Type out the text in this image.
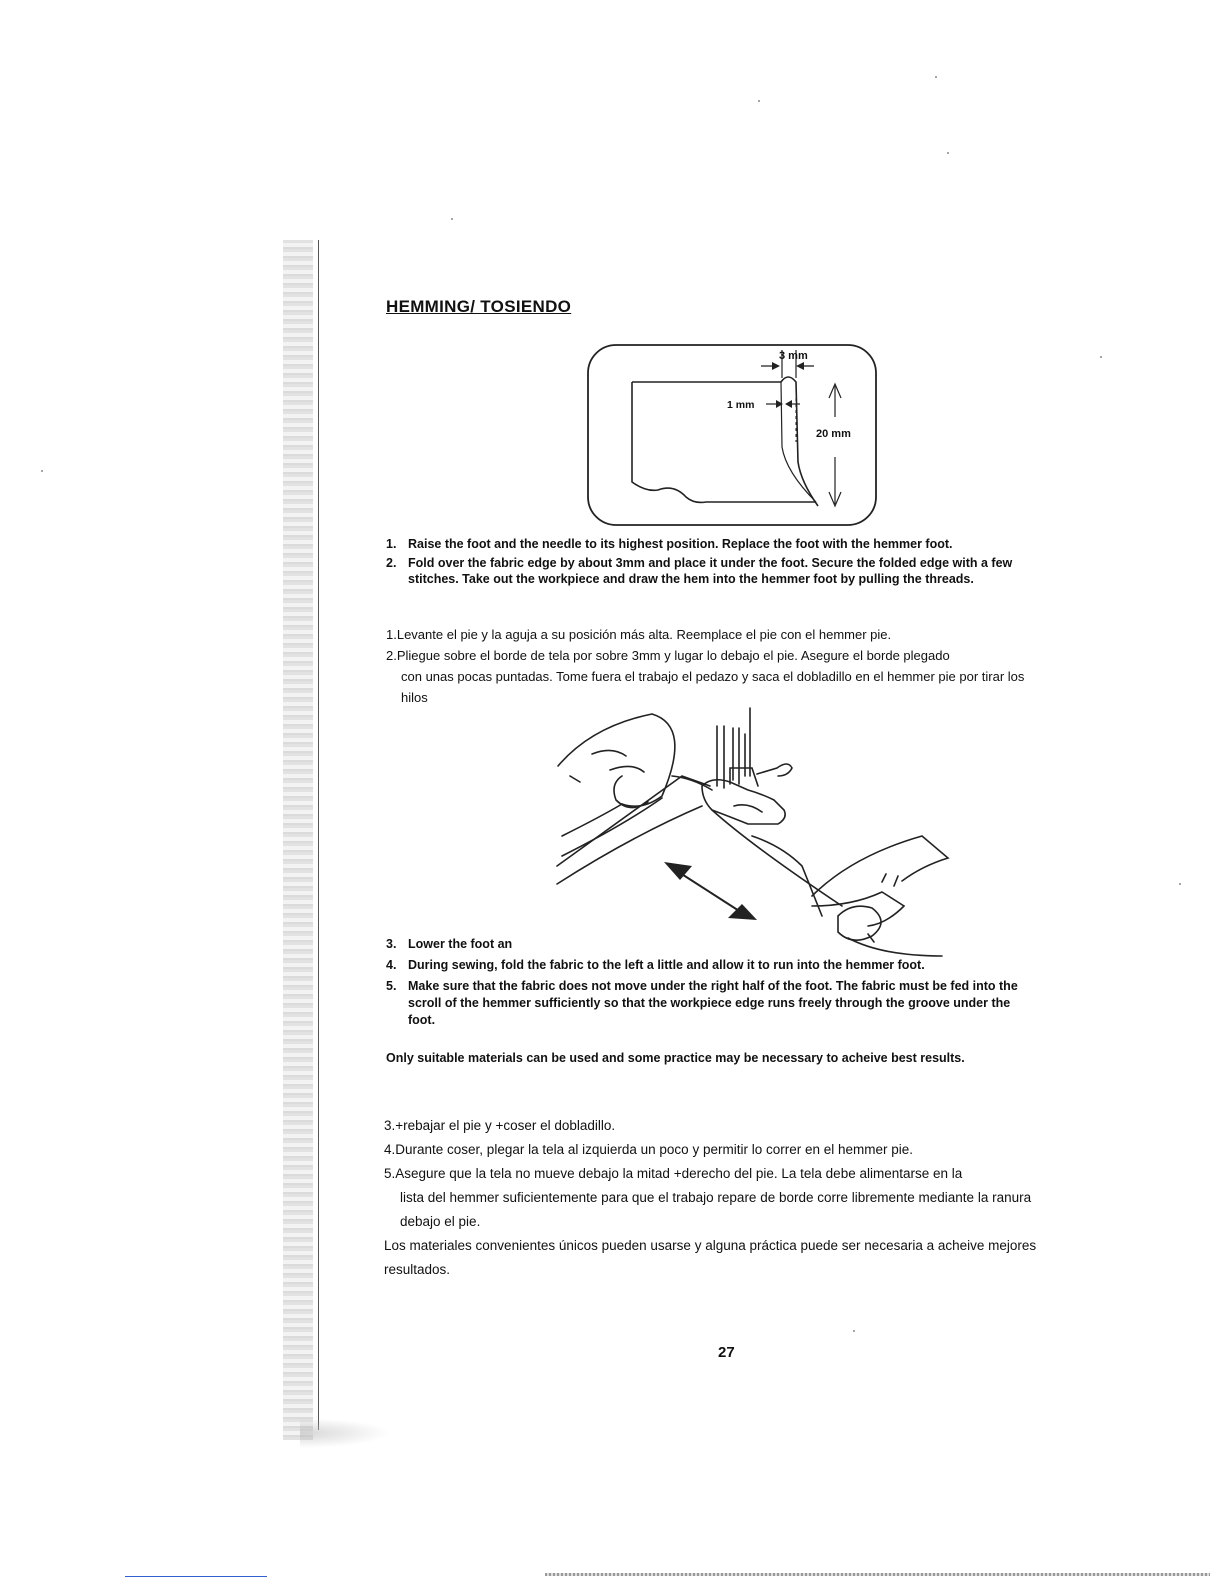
HEMMING/ TOSIENDO
3 mm
1 mm
20 mm
1. Raise the foot and the needle to its highest position. Replace the foot with the hemmer foot.
2. Fold over the fabric edge by about 3mm and place it under the foot. Secure the folded edge with a few stitches. Take out the workpiece and draw the hem into the hemmer foot by pulling the threads.
1.Levante el pie y la aguja a su posición más alta. Reemplace el pie con el hemmer pie.
2.Pliegue sobre el borde de tela por sobre 3mm y lugar lo debajo el pie. Asegure el borde plegado
con unas pocas puntadas. Tome fuera el trabajo el pedazo y saca el dobladillo en el hemmer pie por tirar los hilos
3. Lower the foot an
4. During sewing, fold the fabric to the left a little and allow it to run into the hemmer foot.
5. Make sure that the fabric does not move under the right half of the foot. The fabric must be fed into the scroll of the hemmer sufficiently so that the workpiece edge runs freely through the groove under the foot.
Only suitable materials can be used and some practice may be necessary to acheive best results.
3.+rebajar el pie y +coser el dobladillo.
4.Durante coser, plegar la tela al izquierda un poco y permitir lo correr en el hemmer pie.
5.Asegure que la tela no mueve debajo la mitad +derecho del pie. La tela debe alimentarse en la
lista del hemmer suficientemente para que el trabajo repare de borde corre libremente mediante la ranura debajo el pie.
Los materiales convenientes únicos pueden usarse y alguna práctica puede ser necesaria a acheive mejores resultados.
27
